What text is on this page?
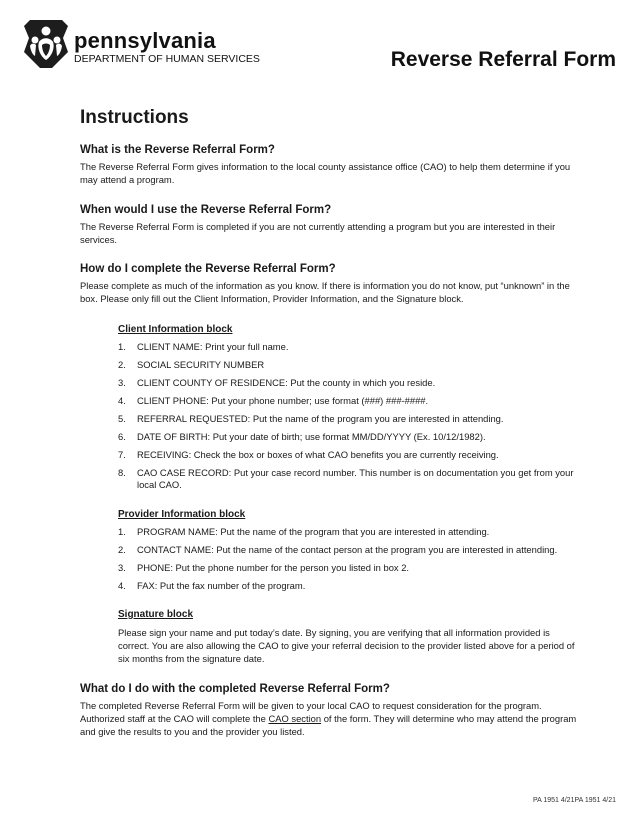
pennsylvania
DEPARTMENT OF HUMAN SERVICES	Reverse Referral Form
Instructions
What is the Reverse Referral Form?
The Reverse Referral Form gives information to the local county assistance office (CAO) to help them determine if you may attend a program.
When would I use the Reverse Referral Form?
The Reverse Referral Form is completed if you are not currently attending a program but you are interested in their services.
How do I complete the Reverse Referral Form?
Please complete as much of the information as you know. If there is information you do not know, put “unknown” in the box. Please only fill out the Client Information, Provider Information, and the Signature block.
Client Information block
1. CLIENT NAME: Print your full name.
2. SOCIAL SECURITY NUMBER
3. CLIENT COUNTY OF RESIDENCE: Put the county in which you reside.
4. CLIENT PHONE: Put your phone number; use format (###) ###-####.
5. REFERRAL REQUESTED: Put the name of the program you are interested in attending.
6. DATE OF BIRTH: Put your date of birth; use format MM/DD/YYYY (Ex. 10/12/1982).
7. RECEIVING: Check the box or boxes of what CAO benefits you are currently receiving.
8. CAO CASE RECORD: Put your case record number. This number is on documentation you get from your local CAO.
Provider Information block
1. PROGRAM NAME: Put the name of the program that you are interested in attending.
2. CONTACT NAME: Put the name of the contact person at the program you are interested in attending.
3. PHONE: Put the phone number for the person you listed in box 2.
4. FAX: Put the fax number of the program.
Signature block
Please sign your name and put today’s date. By signing, you are verifying that all information provided is correct. You are also allowing the CAO to give your referral decision to the provider listed above for a period of six months from the signature date.
What do I do with the completed Reverse Referral Form?
The completed Reverse Referral Form will be given to your local CAO to request consideration for the program. Authorized staff at the CAO will complete the CAO section of the form. They will determine who may attend the program and give the results to you and the provider you listed.
PA 1951 4/21PA 1951 4/21
